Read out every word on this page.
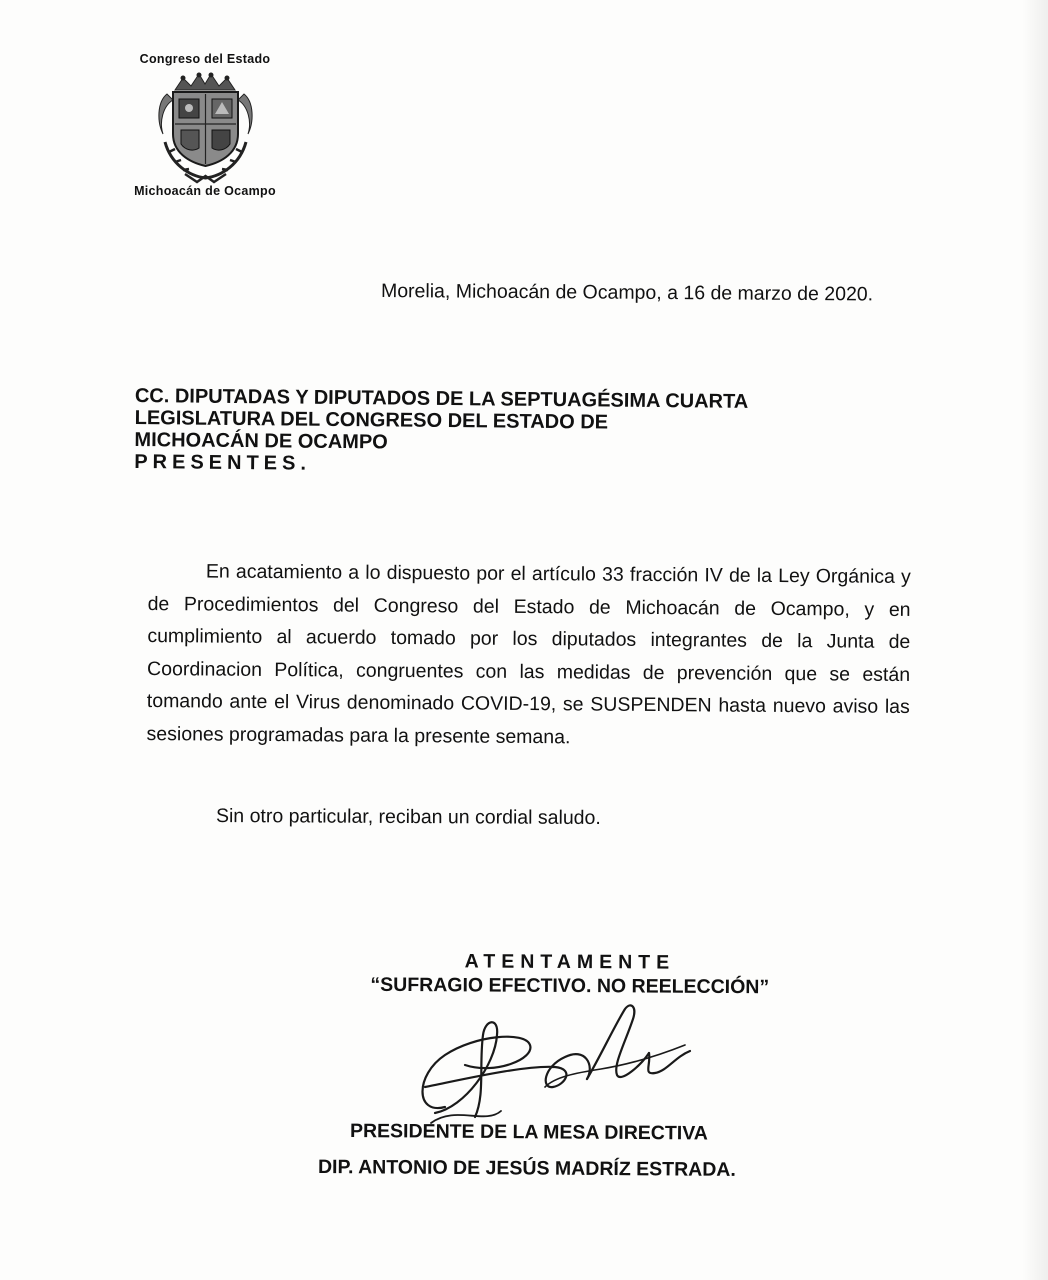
Congreso del Estado
Michoacán de Ocampo
Morelia, Michoacán de Ocampo, a 16 de marzo de 2020.
CC. DIPUTADAS Y DIPUTADOS DE LA SEPTUAGÉSIMA CUARTA
LEGISLATURA DEL CONGRESO DEL ESTADO DE
MICHOACÁN DE OCAMPO
PRESENTES.
En acatamiento a lo dispuesto por el artículo 33 fracción IV de la Ley Orgánica y de Procedimientos del Congreso del Estado de Michoacán de Ocampo, y en cumplimiento al acuerdo tomado por los diputados integrantes de la Junta de Coordinacion Política, congruentes con las medidas de prevención que se están tomando ante el Virus denominado COVID-19, se SUSPENDEN hasta nuevo aviso las sesiones programadas para la presente semana.
Sin otro particular, reciban un cordial saludo.
ATENTAMENTE
“SUFRAGIO EFECTIVO. NO REELECCIÓN”
PRESIDENTE DE LA MESA DIRECTIVA
DIP. ANTONIO DE JESÚS MADRÍZ ESTRADA.
